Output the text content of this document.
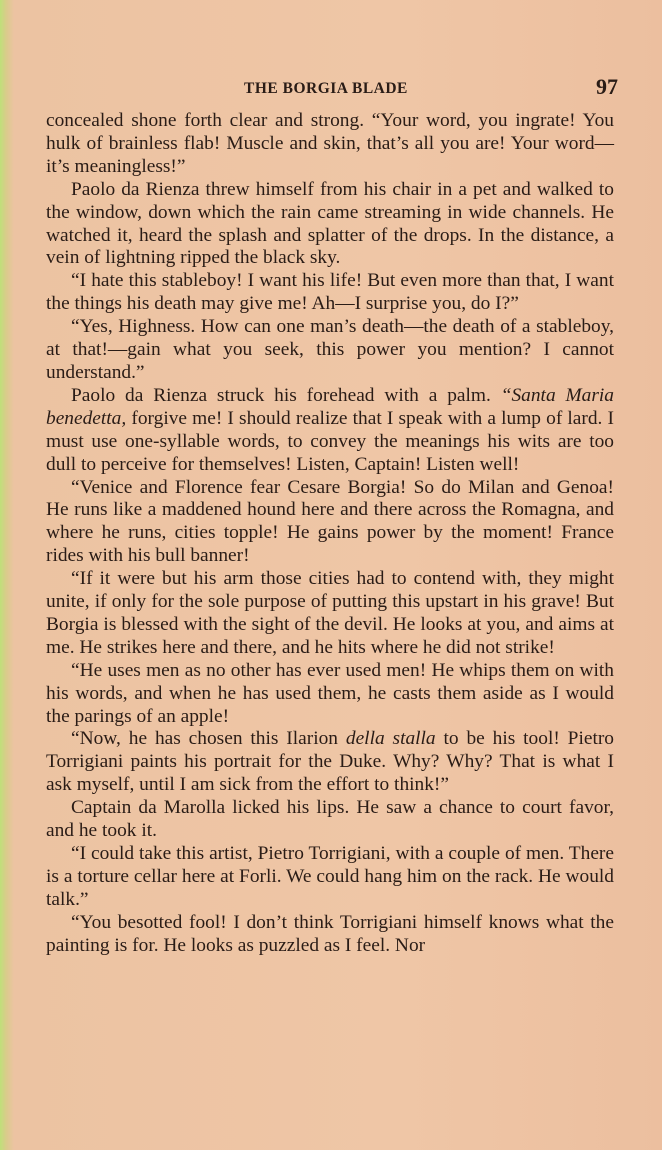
THE BORGIA BLADE	97

concealed shone forth clear and strong. “Your word, you ingrate! You hulk of brainless flab! Muscle and skin, that’s all you are! Your word—it’s meaningless!”

Paolo da Rienza threw himself from his chair in a pet and walked to the window, down which the rain came streaming in wide channels. He watched it, heard the splash and splatter of the drops. In the distance, a vein of lightning ripped the black sky.

“I hate this stableboy! I want his life! But even more than that, I want the things his death may give me! Ah—I surprise you, do I?”

“Yes, Highness. How can one man’s death—the death of a stableboy, at that!—gain what you seek, this power you mention? I cannot understand.”

Paolo da Rienza struck his forehead with a palm. “Santa Maria benedetta, forgive me! I should realize that I speak with a lump of lard. I must use one-syllable words, to convey the meanings his wits are too dull to perceive for themselves! Listen, Captain! Listen well!

“Venice and Florence fear Cesare Borgia! So do Milan and Genoa! He runs like a maddened hound here and there across the Romagna, and where he runs, cities topple! He gains power by the moment! France rides with his bull banner!

“If it were but his arm those cities had to contend with, they might unite, if only for the sole purpose of putting this upstart in his grave! But Borgia is blessed with the sight of the devil. He looks at you, and aims at me. He strikes here and there, and he hits where he did not strike!

“He uses men as no other has ever used men! He whips them on with his words, and when he has used them, he casts them aside as I would the parings of an apple!

“Now, he has chosen this Ilarion della stalla to be his tool! Pietro Torrigiani paints his portrait for the Duke. Why? Why? That is what I ask myself, until I am sick from the effort to think!”

Captain da Marolla licked his lips. He saw a chance to court favor, and he took it.

“I could take this artist, Pietro Torrigiani, with a couple of men. There is a torture cellar here at Forli. We could hang him on the rack. He would talk.”

“You besotted fool! I don’t think Torrigiani himself knows what the painting is for. He looks as puzzled as I feel. Nor
